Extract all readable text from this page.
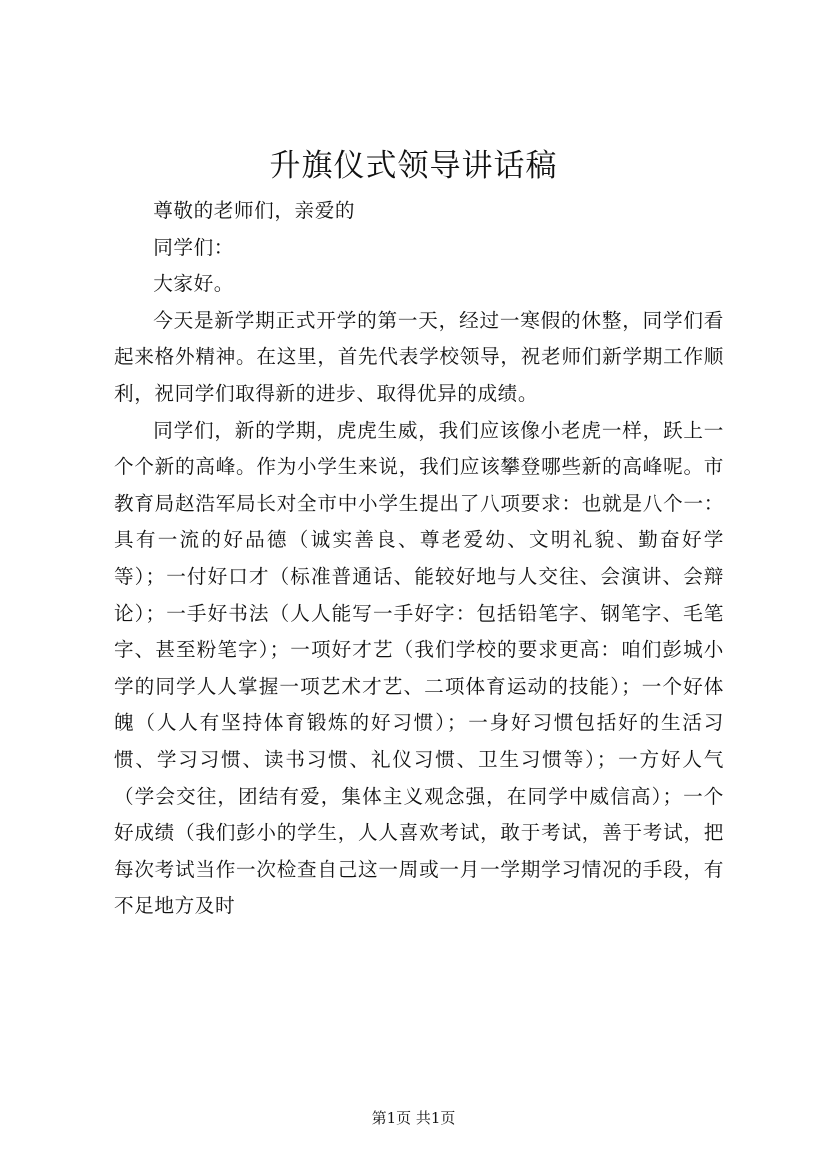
升旗仪式领导讲话稿

尊敬的老师们，亲爱的

同学们：

大家好。

今天是新学期正式开学的第一天，经过一寒假的休整，同学们看起来格外精神。在这里，首先代表学校领导，祝老师们新学期工作顺利，祝同学们取得新的进步、取得优异的成绩。

同学们，新的学期，虎虎生威，我们应该像小老虎一样，跃上一个个新的高峰。作为小学生来说，我们应该攀登哪些新的高峰呢。市教育局赵浩军局长对全市中小学生提出了八项要求：也就是八个一：具有一流的好品德（诚实善良、尊老爱幼、文明礼貌、勤奋好学等）；一付好口才（标准普通话、能较好地与人交往、会演讲、会辩论）；一手好书法（人人能写一手好字：包括铅笔字、钢笔字、毛笔字、甚至粉笔字）；一项好才艺（我们学校的要求更高：咱们彭城小学的同学人人掌握一项艺术才艺、二项体育运动的技能）；一个好体魄（人人有坚持体育锻炼的好习惯）；一身好习惯包括好的生活习惯、学习习惯、读书习惯、礼仪习惯、卫生习惯等）；一方好人气（学会交往，团结有爱，集体主义观念强，在同学中威信高）；一个好成绩（我们彭小的学生，人人喜欢考试，敢于考试，善于考试，把每次考试当作一次检查自己这一周或一月一学期学习情况的手段，有不足地方及时

第1页 共1页
